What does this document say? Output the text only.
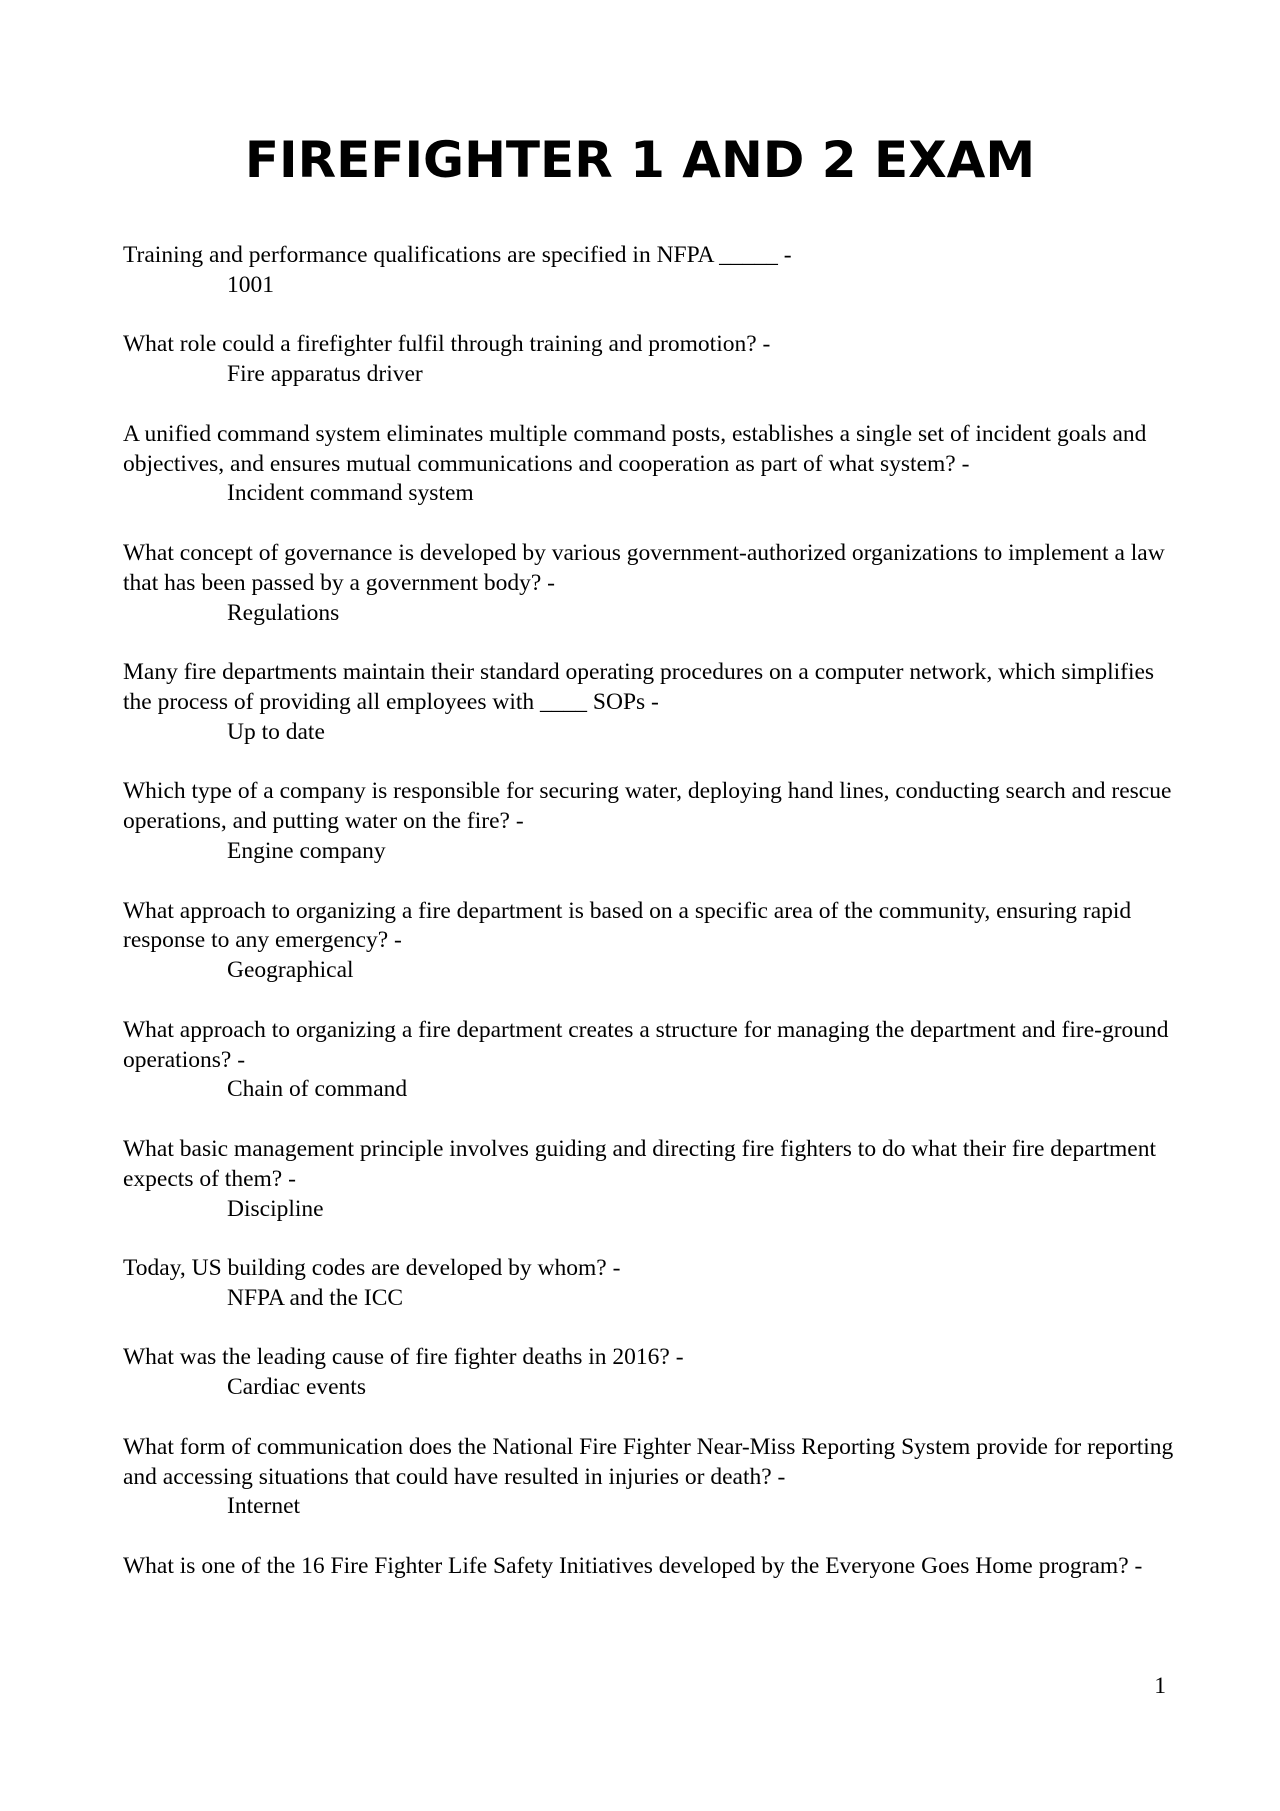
FIREFIGHTER 1 AND 2 EXAM

Training and performance qualifications are specified in NFPA _____ -

1001

What role could a firefighter fulfil through training and promotion? -

Fire apparatus driver

A unified command system eliminates multiple command posts, establishes a single set of incident goals and objectives, and ensures mutual communications and cooperation as part of what system? -

Incident command system

What concept of governance is developed by various government-authorized organizations to implement a law that has been passed by a government body? -

Regulations

Many fire departments maintain their standard operating procedures on a computer network, which simplifies the process of providing all employees with ____ SOPs -

Up to date

Which type of a company is responsible for securing water, deploying hand lines, conducting search and rescue operations, and putting water on the fire? -

Engine company

What approach to organizing a fire department is based on a specific area of the community, ensuring rapid response to any emergency? -

Geographical

What approach to organizing a fire department creates a structure for managing the department and fire-ground operations? -

Chain of command

What basic management principle involves guiding and directing fire fighters to do what their fire department expects of them? -

Discipline

Today, US building codes are developed by whom? -

NFPA and the ICC

What was the leading cause of fire fighter deaths in 2016? -

Cardiac events

What form of communication does the National Fire Fighter Near-Miss Reporting System provide for reporting and accessing situations that could have resulted in injuries or death? -

Internet

What is one of the 16 Fire Fighter Life Safety Initiatives developed by the Everyone Goes Home program? -

1
